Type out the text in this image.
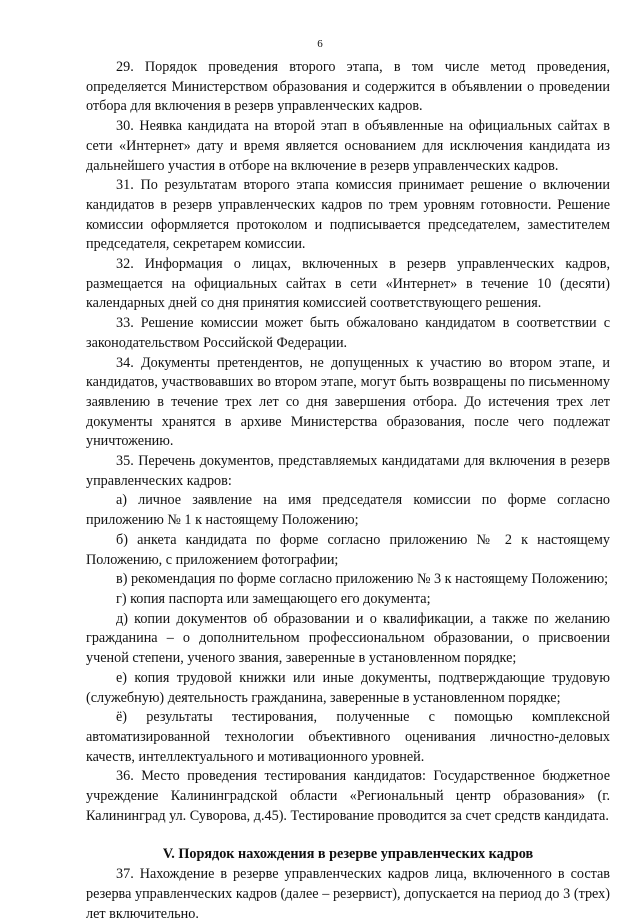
6

29. Порядок проведения второго этапа, в том числе метод проведения, определяется Министерством образования и содержится в объявлении о проведении отбора для включения в резерв управленческих кадров.

30. Неявка кандидата на второй этап в объявленные на официальных сайтах в сети «Интернет» дату и время является основанием для исключения кандидата из дальнейшего участия в отборе на включение в резерв управленческих кадров.

31. По результатам второго этапа комиссия принимает решение о включении кандидатов в резерв управленческих кадров по трем уровням готовности. Решение комиссии оформляется протоколом и подписывается председателем, заместителем председателя, секретарем комиссии.

32. Информация о лицах, включенных в резерв управленческих кадров, размещается на официальных сайтах в сети «Интернет» в течение 10 (десяти) календарных дней со дня принятия комиссией соответствующего решения.

33. Решение комиссии может быть обжаловано кандидатом в соответствии с законодательством Российской Федерации.

34. Документы претендентов, не допущенных к участию во втором этапе, и кандидатов, участвовавших во втором этапе, могут быть возвращены по письменному заявлению в течение трех лет со дня завершения отбора. До истечения трех лет документы хранятся в архиве Министерства образования, после чего подлежат уничтожению.

35. Перечень документов, представляемых кандидатами для включения в резерв управленческих кадров:

а) личное заявление на имя председателя комиссии по форме согласно приложению № 1 к настоящему Положению;

б) анкета кандидата по форме согласно приложению № 2 к настоящему Положению, с приложением фотографии;

в) рекомендация по форме согласно приложению № 3 к настоящему Положению;

г) копия паспорта или замещающего его документа;

д) копии документов об образовании и о квалификации, а также по желанию гражданина – о дополнительном профессиональном образовании, о присвоении ученой степени, ученого звания, заверенные в установленном порядке;

е) копия трудовой книжки или иные документы, подтверждающие трудовую (служебную) деятельность гражданина, заверенные в установленном порядке;

ё) результаты тестирования, полученные с помощью комплексной автоматизированной технологии объективного оценивания личностно-деловых качеств, интеллектуального и мотивационного уровней.

36. Место проведения тестирования кандидатов: Государственное бюджетное учреждение Калининградской области «Региональный центр образования» (г. Калининград ул. Суворова, д.45). Тестирование проводится за счет средств кандидата.

V. Порядок нахождения в резерве управленческих кадров

37. Нахождение в резерве управленческих кадров лица, включенного в состав резерва управленческих кадров (далее – резервист), допускается на период до 3 (трех) лет включительно.
